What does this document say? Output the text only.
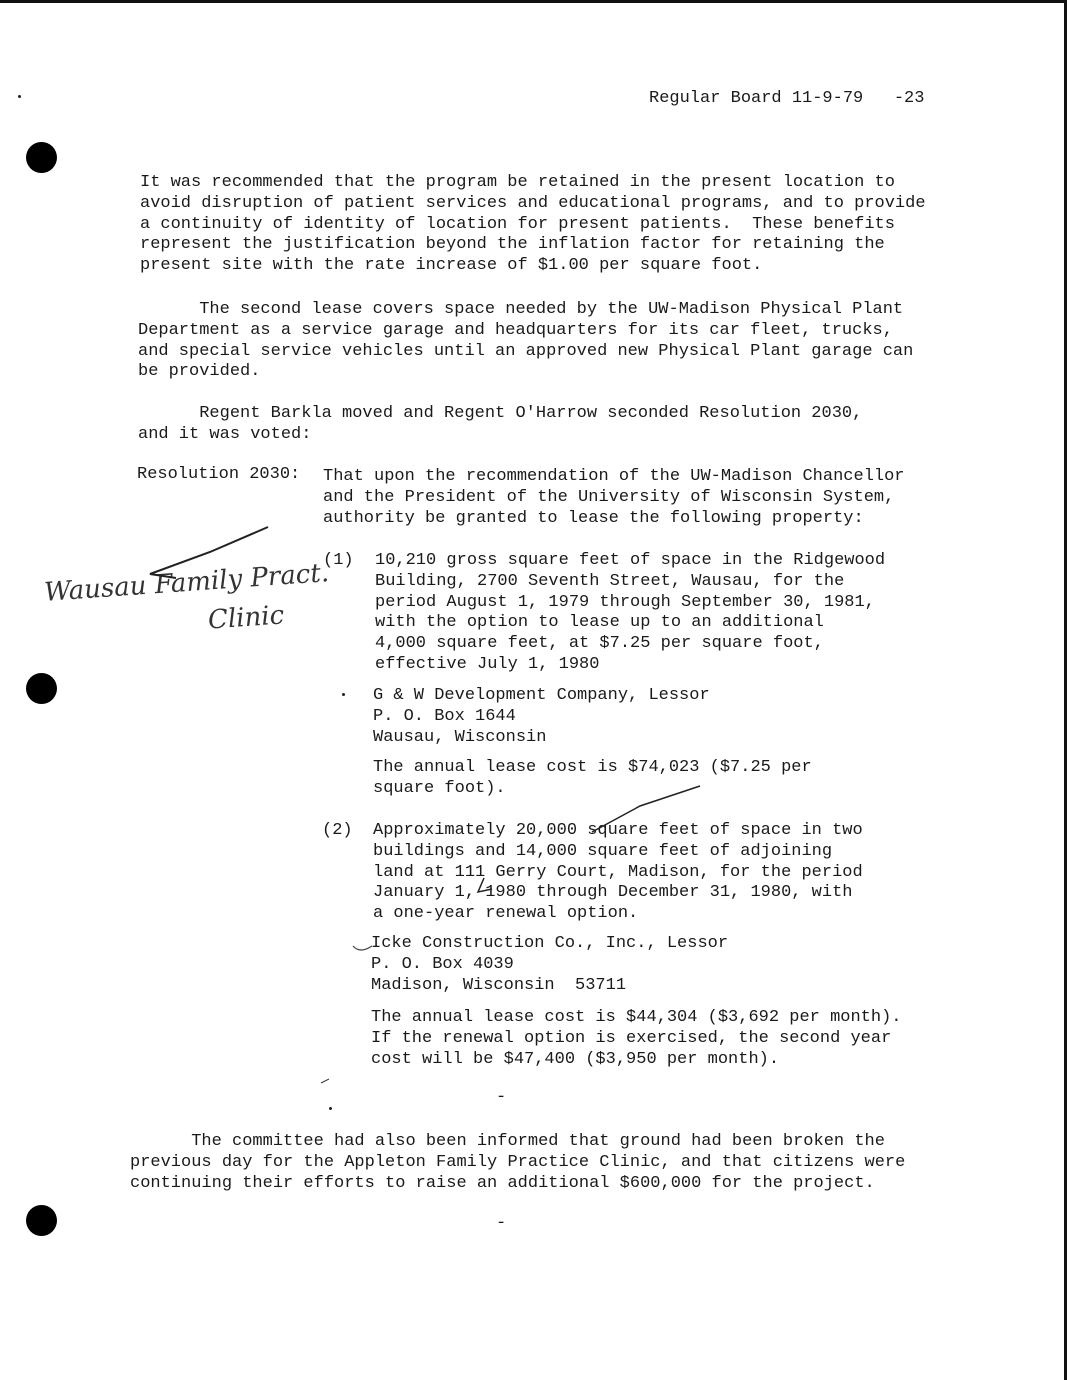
Regular Board 11-9-79   -23
It was recommended that the program be retained in the present location to
avoid disruption of patient services and educational programs, and to provide
a continuity of identity of location for present patients.  These benefits
represent the justification beyond the inflation factor for retaining the
present site with the rate increase of $1.00 per square foot.
The second lease covers space needed by the UW-Madison Physical Plant
Department as a service garage and headquarters for its car fleet, trucks,
and special service vehicles until an approved new Physical Plant garage can
be provided.
Regent Barkla moved and Regent O'Harrow seconded Resolution 2030,
and it was voted:
Resolution 2030: That upon the recommendation of the UW-Madison Chancellor
and the President of the University of Wisconsin System,
authority be granted to lease the following property:
(1) 10,210 gross square feet of space in the Ridgewood
Building, 2700 Seventh Street, Wausau, for the
period August 1, 1979 through September 30, 1981,
with the option to lease up to an additional
4,000 square feet, at $7.25 per square foot,
effective July 1, 1980
G & W Development Company, Lessor
P. O. Box 1644
Wausau, Wisconsin
The annual lease cost is $74,023 ($7.25 per
square foot).
(2) Approximately 20,000 square feet of space in two
buildings and 14,000 square feet of adjoining
land at 111 Gerry Court, Madison, for the period
January 1, 1980 through December 31, 1980, with
a one-year renewal option.
Icke Construction Co., Inc., Lessor
P. O. Box 4039
Madison, Wisconsin  53711
The annual lease cost is $44,304 ($3,692 per month).
If the renewal option is exercised, the second year
cost will be $47,400 ($3,950 per month).
-
The committee had also been informed that ground had been broken the
previous day for the Appleton Family Practice Clinic, and that citizens were
continuing their efforts to raise an additional $600,000 for the project.
-
Wausau Family Pract.
Clinic
